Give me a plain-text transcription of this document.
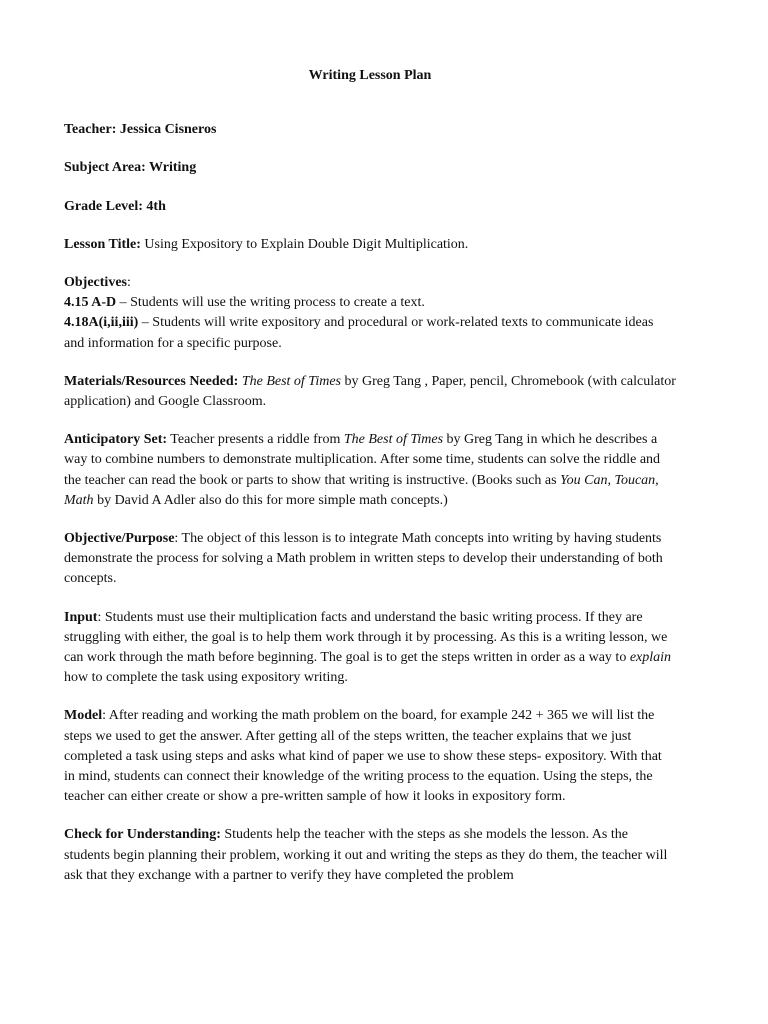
Writing Lesson Plan

Teacher: Jessica Cisneros

Subject Area: Writing

Grade Level: 4th

Lesson Title: Using Expository to Explain Double Digit Multiplication.

Objectives:

4.15 A-D – Students will use the writing process to create a text.

4.18A(i,ii,iii) – Students will write expository and procedural or work-related texts to communicate ideas and information for a specific purpose.

Materials/Resources Needed: The Best of Times by Greg Tang , Paper, pencil, Chromebook (with calculator application) and Google Classroom.

Anticipatory Set: Teacher presents a riddle from The Best of Times by Greg Tang in which he describes a way to combine numbers to demonstrate multiplication. After some time, students can solve the riddle and the teacher can read the book or parts to show that writing is instructive. (Books such as You Can, Toucan, Math by David A Adler also do this for more simple math concepts.)

Objective/Purpose: The object of this lesson is to integrate Math concepts into writing by having students demonstrate the process for solving a Math problem in written steps to develop their understanding of both concepts.

Input: Students must use their multiplication facts and understand the basic writing process. If they are struggling with either, the goal is to help them work through it by processing. As this is a writing lesson, we can work through the math before beginning. The goal is to get the steps written in order as a way to explain how to complete the task using expository writing.

Model: After reading and working the math problem on the board, for example 242 + 365 we will list the steps we used to get the answer. After getting all of the steps written, the teacher explains that we just completed a task using steps and asks what kind of paper we use to show these steps- expository. With that in mind, students can connect their knowledge of the writing process to the equation. Using the steps, the teacher can either create or show a pre-written sample of how it looks in expository form.

Check for Understanding: Students help the teacher with the steps as she models the lesson. As the students begin planning their problem, working it out and writing the steps as they do them, the teacher will ask that they exchange with a partner to verify they have completed the problem
